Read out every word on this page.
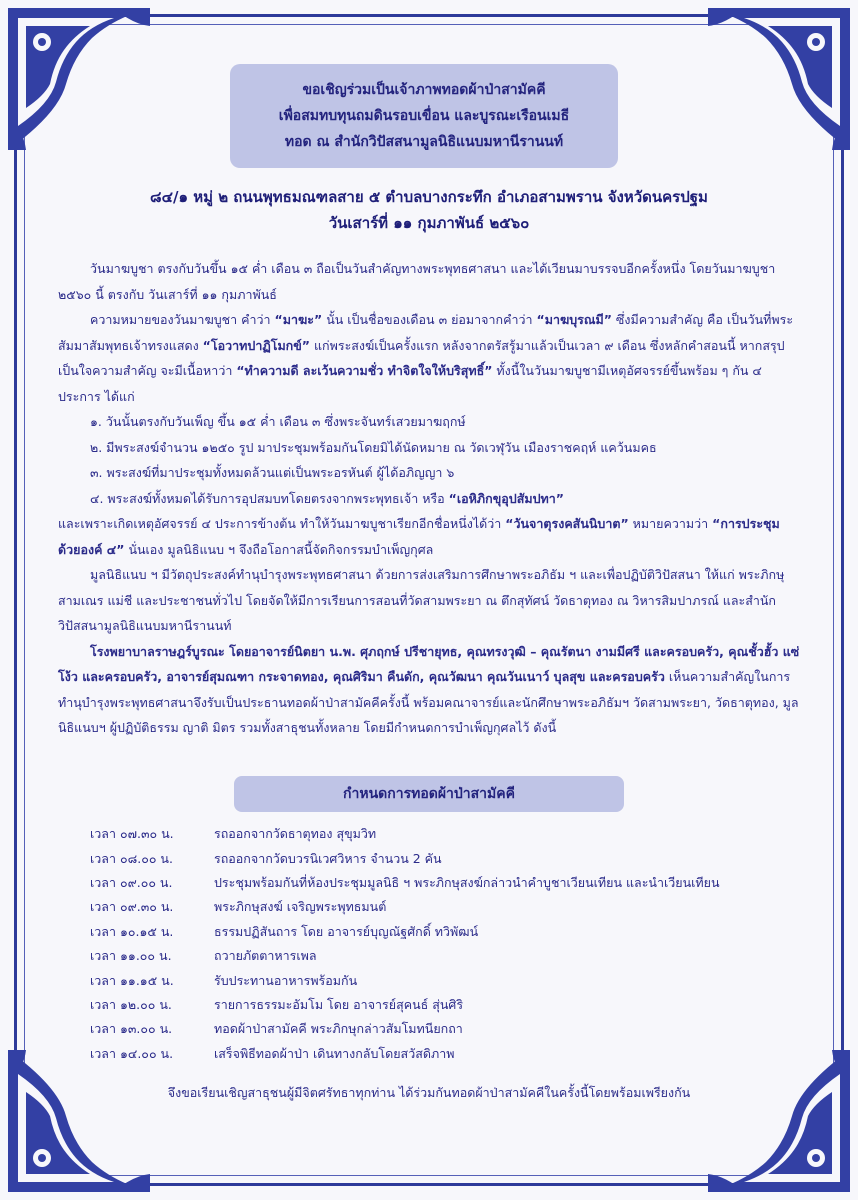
ขอเชิญร่วมเป็นเจ้าภาพทอดผ้าป่าสามัคคี
เพื่อสมทบทุนถมดินรอบเขื่อน และบูรณะเรือนเมธี
ทอด ณ สำนักวิปัสสนามูลนิธิแนบมหานีรานนท์
๘๔/๑ หมู่ ๒ ถนนพุทธมณฑลสาย ๕ ตำบลบางกระทึก อำเภอสามพราน จังหวัดนครปฐม
วันเสาร์ที่ ๑๑ กุมภาพันธ์ ๒๕๖๐

วันมาฆบูชา ตรงกับวันขึ้น ๑๕ ค่ำ เดือน ๓ ถือเป็นวันสำคัญทางพระพุทธศาสนา และได้เวียนมาบรรจบอีกครั้งหนึ่ง โดยวันมาฆบูชา ๒๕๖๐ นี้ ตรงกับ วันเสาร์ที่ ๑๑ กุมภาพันธ์

ความหมายของวันมาฆบูชา คำว่า “มาฆะ” นั้น เป็นชื่อของเดือน ๓ ย่อมาจากคำว่า “มาฆบุรณมี” ซึ่งมีความสำคัญ คือ เป็นวันที่พระสัมมาสัมพุทธเจ้าทรงแสดง “โอวาทปาฏิโมกข์” แก่พระสงฆ์เป็นครั้งแรก หลังจากตรัสรู้มาแล้วเป็นเวลา ๙ เดือน ซึ่งหลักคำสอนนี้ หากสรุปเป็นใจความสำคัญ จะมีเนื้อหาว่า “ทำความดี ละเว้นความชั่ว ทำจิตใจให้บริสุทธิ์” ทั้งนี้ในวันมาฆบูชามีเหตุอัศจรรย์ขึ้นพร้อม ๆ กัน ๔ ประการ ได้แก่

๑. วันนั้นตรงกับวันเพ็ญ ขึ้น ๑๕ ค่ำ เดือน ๓ ซึ่งพระจันทร์เสวยมาฆฤกษ์

๒. มีพระสงฆ์จำนวน ๑๒๕๐ รูป มาประชุมพร้อมกันโดยมิได้นัดหมาย ณ วัดเวฬุวัน เมืองราชคฤห์ แคว้นมคธ

๓. พระสงฆ์ที่มาประชุมทั้งหมดล้วนแต่เป็นพระอรหันต์ ผู้ได้อภิญญา ๖

๔. พระสงฆ์ทั้งหมดได้รับการอุปสมบทโดยตรงจากพระพุทธเจ้า หรือ “เอหิภิกขุอุปสัมปทา”

และเพราะเกิดเหตุอัศจรรย์ ๔ ประการข้างต้น ทำให้วันมาฆบูชาเรียกอีกชื่อหนึ่งได้ว่า “วันจาตุรงคสันนิบาต” หมายความว่า “การประชุมด้วยองค์ ๔” นั่นเอง มูลนิธิแนบ ฯ จึงถือโอกาสนี้จัดกิจกรรมบำเพ็ญกุศล

มูลนิธิแนบ ฯ มีวัตถุประสงค์ทำนุบำรุงพระพุทธศาสนา ด้วยการส่งเสริมการศึกษาพระอภิธัม ฯ และเพื่อปฏิบัติวิปัสสนา ให้แก่ พระภิกษุ สามเณร แม่ชี และประชาชนทั่วไป โดยจัดให้มีการเรียนการสอนที่วัดสามพระยา ณ ตึกสุทัศน์ วัดธาตุทอง ณ วิหารสิมปาภรณ์ และสำนักวิปัสสนามูลนิธิแนบมหานีรานนท์

โรงพยาบาลราษฎร์บูรณะ โดยอาจารย์นิตยา น.พ. ศุภฤกษ์ ปรีชายุทธ, คุณทรงวุฒิ – คุณรัตนา งามมีศรี และครอบครัว, คุณชั้วฮั้ว แซ่โง้ว และครอบครัว, อาจารย์สุมณฑา กระจาดทอง, คุณศิริมา คืนดัก, คุณวัฒนา คุณวันเนาว์ บุลสุข และครอบครัว เห็นความสำคัญในการทำนุบำรุงพระพุทธศาสนาจึงรับเป็นประธานทอดผ้าป่าสามัคคีครั้งนี้ พร้อมคณาจารย์และนักศึกษาพระอภิธัมฯ วัดสามพระยา, วัดธาตุทอง, มูลนิธิแนบฯ ผู้ปฏิบัติธรรม ญาติ มิตร รวมทั้งสาธุชนทั้งหลาย โดยมีกำหนดการบำเพ็ญกุศลไว้ ดังนี้

กำหนดการทอดผ้าป่าสามัคคี
เวลา ๐๗.๓๐ น.	รถออกจากวัดธาตุทอง สุขุมวิท
เวลา ๐๘.๐๐ น.	รถออกจากวัดบวรนิเวศวิหาร จำนวน 2 คัน
เวลา ๐๙.๐๐ น.	ประชุมพร้อมกันที่ห้องประชุมมูลนิธิ ฯ พระภิกษุสงฆ์กล่าวนำคำบูชาเวียนเทียน และนำเวียนเทียน
เวลา ๐๙.๓๐ น.	พระภิกษุสงฆ์ เจริญพระพุทธมนต์
เวลา ๑๐.๑๕ น.	ธรรมปฏิสันถาร โดย อาจารย์บุญณัฐศักดิ์ ทวิพัฒน์
เวลา ๑๑.๐๐ น.	ถวายภัตตาหารเพล
เวลา ๑๑.๑๕ น.	รับประทานอาหารพร้อมกัน
เวลา ๑๒.๐๐ น.	รายการธรรมะอัมโม โดย อาจารย์สุคนธ์ สุ่นศิริ
เวลา ๑๓.๐๐ น.	ทอดผ้าป่าสามัคคี พระภิกษุกล่าวสัมโมทนียกถา
เวลา ๑๔.๐๐ น.	เสร็จพิธีทอดผ้าป่า เดินทางกลับโดยสวัสดิภาพ
จึงขอเรียนเชิญสาธุชนผู้มีจิตศรัทธาทุกท่าน ได้ร่วมกันทอดผ้าป่าสามัคคีในครั้งนี้โดยพร้อมเพรียงกัน
